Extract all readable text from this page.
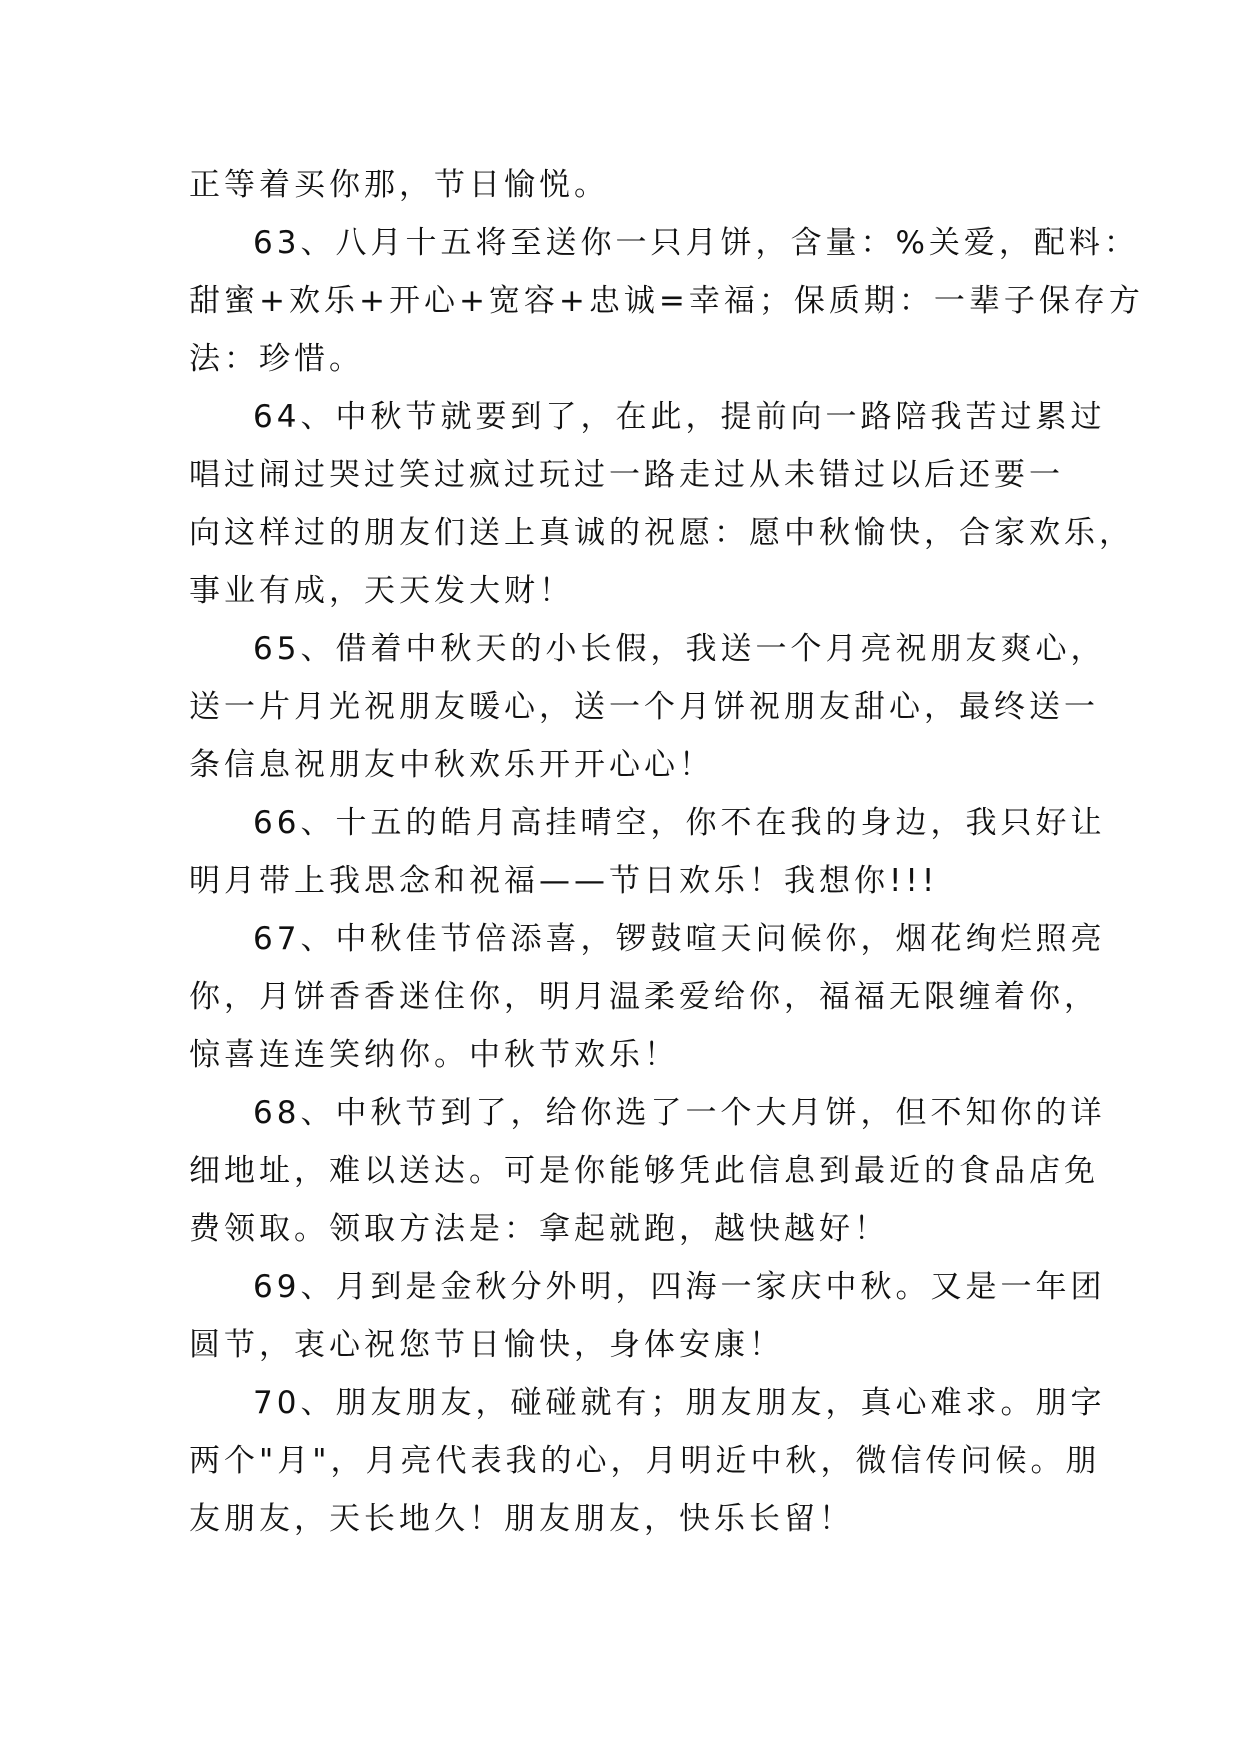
正等着买你那，节日愉悦。
63、八月十五将至送你一只月饼，含量：%关爱，配料：
甜蜜+欢乐+开心+宽容+忠诚=幸福；保质期：一辈子保存方
法：珍惜。
64、中秋节就要到了，在此，提前向一路陪我苦过累过
唱过闹过哭过笑过疯过玩过一路走过从未错过以后还要一
向这样过的朋友们送上真诚的祝愿：愿中秋愉快，合家欢乐，
事业有成，天天发大财！
65、借着中秋天的小长假，我送一个月亮祝朋友爽心，
送一片月光祝朋友暖心，送一个月饼祝朋友甜心，最终送一
条信息祝朋友中秋欢乐开开心心！
66、十五的皓月高挂晴空，你不在我的身边，我只好让
明月带上我思念和祝福——节日欢乐！我想你!!!
67、中秋佳节倍添喜，锣鼓喧天问候你，烟花绚烂照亮
你，月饼香香迷住你，明月温柔爱给你，福福无限缠着你，
惊喜连连笑纳你。中秋节欢乐！
68、中秋节到了，给你选了一个大月饼，但不知你的详
细地址，难以送达。可是你能够凭此信息到最近的食品店免
费领取。领取方法是：拿起就跑，越快越好！
69、月到是金秋分外明，四海一家庆中秋。又是一年团
圆节，衷心祝您节日愉快，身体安康！
70、朋友朋友，碰碰就有；朋友朋友，真心难求。朋字
两个"月"，月亮代表我的心，月明近中秋，微信传问候。朋
友朋友，天长地久！朋友朋友，快乐长留！
